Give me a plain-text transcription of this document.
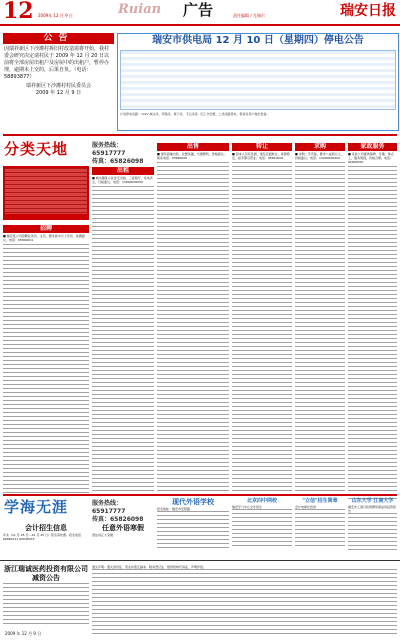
12 2009年 12 月 9 日	Ruian 广告	责任编辑 / 尤瑞尔	瑞安日报
公告
因瑞祥新区下沙灌村拆旧村改造需将开始，我村委会研究决定请村民于 2009 年 12 月 20 日以前将全部房屋出租户及房屋中的出租户，暂停办理，逾期未上交的，后果自负。（电话：58893877）
瑞祥新区下沙灌村村民委员会
2009 年 12 月 9 日
瑞安市供电局 12 月 10 日（星期四）停电公告
计划停电线路：10kV 城关线、莘塍线、塘下线、飞云线等。因工作需要，上述线路停电，敬请各用户做好准备。
分类天地	服务热线：65917777
传真：65826098
招聘
■ 瑞安某公司招聘业务员、文员，要求高中以上学历，待遇面议。电话：65800001
出租
■ 城关镇某小区住宅出租，三室两厅，家电齐全，月租面议。电话：13800000000
出售
■ 现有商铺出售，位置优越，交通便利，价格面议。联系电话：65860000
转让
■ 因本人另有发展，现有店面转让，客源稳定，接手即可营业。电话：65810000
求购
■ 求购二手设备，要求八成新以上，价格面议。电话：13900000000
家政服务
■ 家政公司提供保姆、月嫂、钟点工，服务周到，价格合理。电话：65890000
学海无涯	服务热线：65917777
传真：65826098
会计招生信息
年末（11 月 25 日—12 月 25 日）报名享优惠。报名电话 66882211 65648333
任意外语寒假
语法词汇大突破
现代外语学校
报名地址：瑞安市安阳路
北京四中网校
瑞安学习中心全年招生
"立信"招生简章
会计电算化培训
山东大学 江南大学
瑞安市工商行政管理局商品房投资报告
浙江瑞诚医药投资有限公司减资公告
2009 年 12 月 9 日
遗失声明：遗失身份证、营业执照正副本、税务登记证、组织机构代码证，声明作废。
